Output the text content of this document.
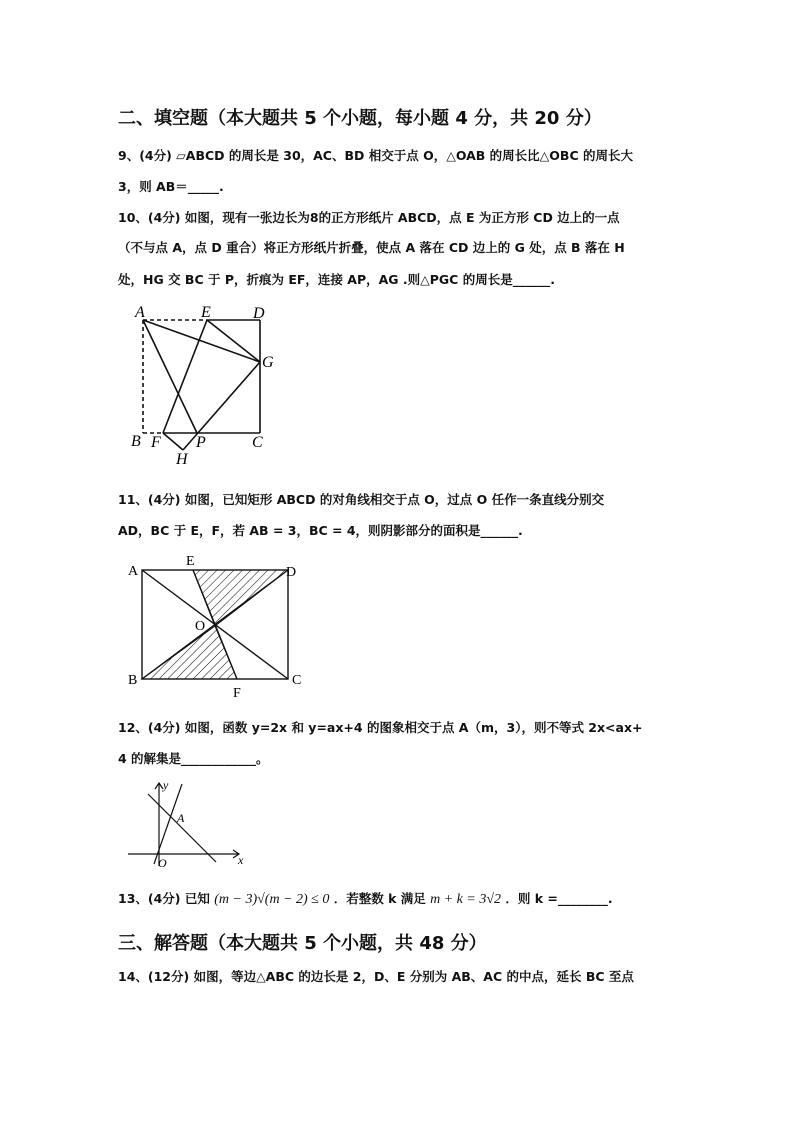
二、填空题（本大题共 5 个小题，每小题 4 分，共 20 分）
9、(4分) ▱ABCD 的周长是 30，AC、BD 相交于点 O，△OAB 的周长比△OBC 的周长大
3，则 AB＝_____.
10、(4分) 如图，现有一张边长为8的正方形纸片 ABCD，点 E 为正方形 CD 边上的一点
（不与点 A，点 D 重合）将正方形纸片折叠，使点 A 落在 CD 边上的 G 处，点 B 落在 H
处，HG 交 BC 于 P，折痕为 EF，连接 AP，AG .则△PGC 的周长是______.
A	E	D
G
B F P	C
H
11、(4分) 如图，已知矩形 ABCD 的对角线相交于点 O，过点 O 任作一条直线分别交
AD，BC 于 E，F，若 AB = 3，BC = 4，则阴影部分的面积是______.
A
E
D
O
B
F
C
12、(4分) 如图，函数 y=2x 和 y=ax+4 的图象相交于点 A（m，3），则不等式 2x<ax+
4 的解集是____________。
y
x
A
O
13、(4分) 已知 (m − 3)√(m − 2) ≤ 0 ．若整数 k 满足 m + k = 3√2 ．则 k =________.
三、解答题（本大题共 5 个小题，共 48 分）
14、(12分) 如图，等边△ABC 的边长是 2，D、E 分别为 AB、AC 的中点，延长 BC 至点
